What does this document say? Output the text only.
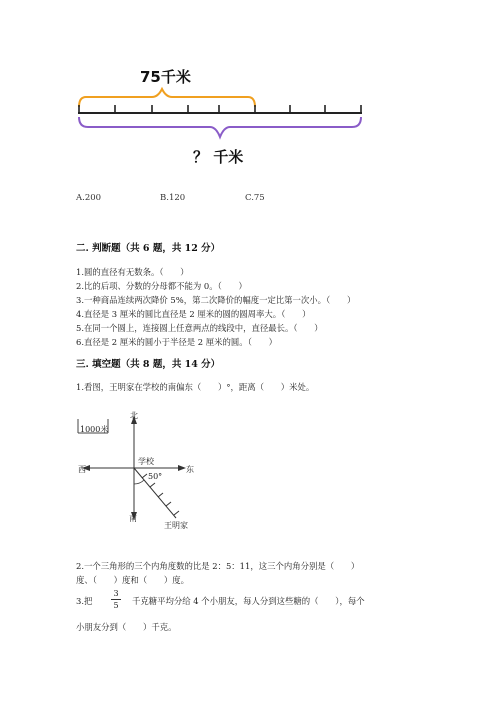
75千米
？ 千米
A.200	B.120	C.75
二. 判断题（共 6 题，共 12 分）
1.圆的直径有无数条。（　　）
2.比的后项、分数的分母都不能为 0。（　　）
3.一种商品连续两次降价 5%，第二次降价的幅度一定比第一次小。（　　）
4.直径是 3 厘米的圆比直径是 2 厘米的圆的圆周率大。（　　）
5.在同一个圆上，连接圆上任意两点的线段中，直径最长。（　　）
6.直径是 2 厘米的圆小于半径是 2 厘米的圆。（　　）
三. 填空题（共 8 题，共 14 分）
1.看图，王明家在学校的南偏东（　　）°，距离（　　）米处。
1000米
北
学校
西	东
50°
南
王明家
2.一个三角形的三个内角度数的比是 2：5：11，这三个内角分别是（　　）
度、（　　）度和（　　）度。
3.把
3
5 千克糖平均分给 4 个小朋友，每人分到这些糖的（　　），每个
小朋友分到（　　）千克。
